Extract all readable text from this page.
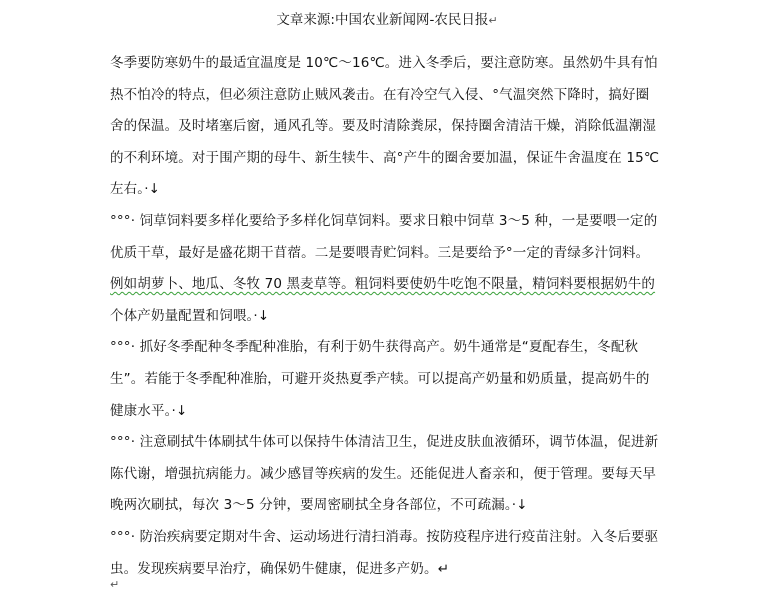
文章来源:中国农业新闻网-农民日报↵
冬季要防寒奶牛的最适宜温度是 10℃～16℃。进入冬季后，要注意防寒。虽然奶牛具有怕
热不怕冷的特点，但必须注意防止贼风袭击。在有冷空气入侵、°气温突然下降时，搞好圈
舍的保温。及时堵塞后窗，通风孔等。要及时清除粪尿，保持圈舍清洁干燥，消除低温潮湿
的不利环境。对于围产期的母牛、新生犊牛、高°产牛的圈舍要加温，保证牛舍温度在 15℃
左右。·↓
°°°· 饲草饲料要多样化要给予多样化饲草饲料。要求日粮中饲草 3～5 种，一是要喂一定的
优质干草，最好是盛花期干苜蓿。二是要喂青贮饲料。三是要给予°一定的青绿多汁饲料。
例如胡萝卜、地瓜、冬牧 70 黑麦草等。粗饲料要使奶牛吃饱不限量，精饲料要根据奶牛的
个体产奶量配置和饲喂。·↓
°°°· 抓好冬季配种冬季配种准胎，有利于奶牛获得高产。奶牛通常是“夏配春生，冬配秋
生”。若能于冬季配种准胎，可避开炎热夏季产犊。可以提高产奶量和奶质量，提高奶牛的
健康水平。·↓
°°°· 注意刷拭牛体刷拭牛体可以保持牛体清洁卫生，促进皮肤血液循环，调节体温，促进新
陈代谢，增强抗病能力。减少感冒等疾病的发生。还能促进人畜亲和，便于管理。要每天早
晚两次刷拭，每次 3～5 分钟，要周密刷拭全身各部位，不可疏漏。·↓
°°°· 防治疾病要定期对牛舍、运动场进行清扫消毒。按防疫程序进行疫苗注射。入冬后要驱
虫。发现疾病要早治疗，确保奶牛健康，促进多产奶。↵
↵
